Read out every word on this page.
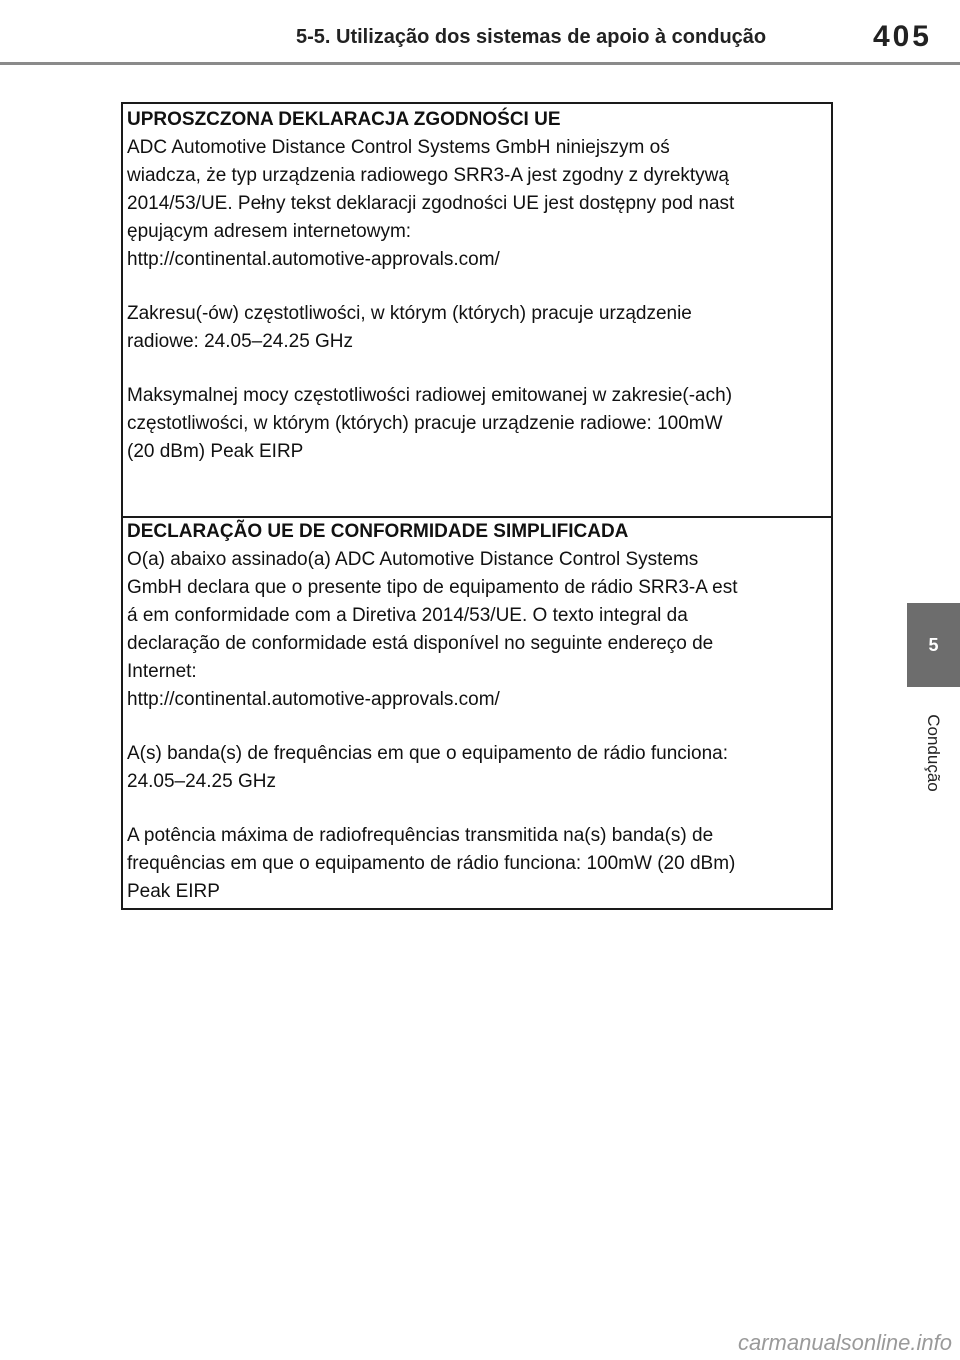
5-5. Utilização dos sistemas de apoio à condução	405
5
Condução
UPROSZCZONA DEKLARACJA ZGODNOŚCI UE

ADC Automotive Distance Control Systems GmbH niniejszym oś
wiadcza, że typ urządzenia radiowego SRR3-A jest zgodny z dyrektywą
2014/53/UE. Pełny tekst deklaracji zgodności UE jest dostępny pod nast
ępującym adresem internetowym:
http://continental.automotive-approvals.com/

Zakresu(-ów) częstotliwości, w którym (których) pracuje urządzenie
radiowe: 24.05–24.25 GHz

Maksymalnej mocy częstotliwości radiowej emitowanej w zakresie(-ach)
częstotliwości, w którym (których) pracuje urządzenie radiowe: 100mW
(20 dBm) Peak EIRP

DECLARAÇÃO UE DE CONFORMIDADE SIMPLIFICADA

O(a) abaixo assinado(a) ADC Automotive Distance Control Systems
GmbH declara que o presente tipo de equipamento de rádio SRR3-A est
á em conformidade com a Diretiva 2014/53/UE. O texto integral da
declaração de conformidade está disponível no seguinte endereço de
Internet:
http://continental.automotive-approvals.com/

A(s) banda(s) de frequências em que o equipamento de rádio funciona:
24.05–24.25 GHz

A potência máxima de radiofrequências transmitida na(s) banda(s) de
frequências em que o equipamento de rádio funciona: 100mW (20 dBm)
Peak EIRP

carmanualsonline.info
